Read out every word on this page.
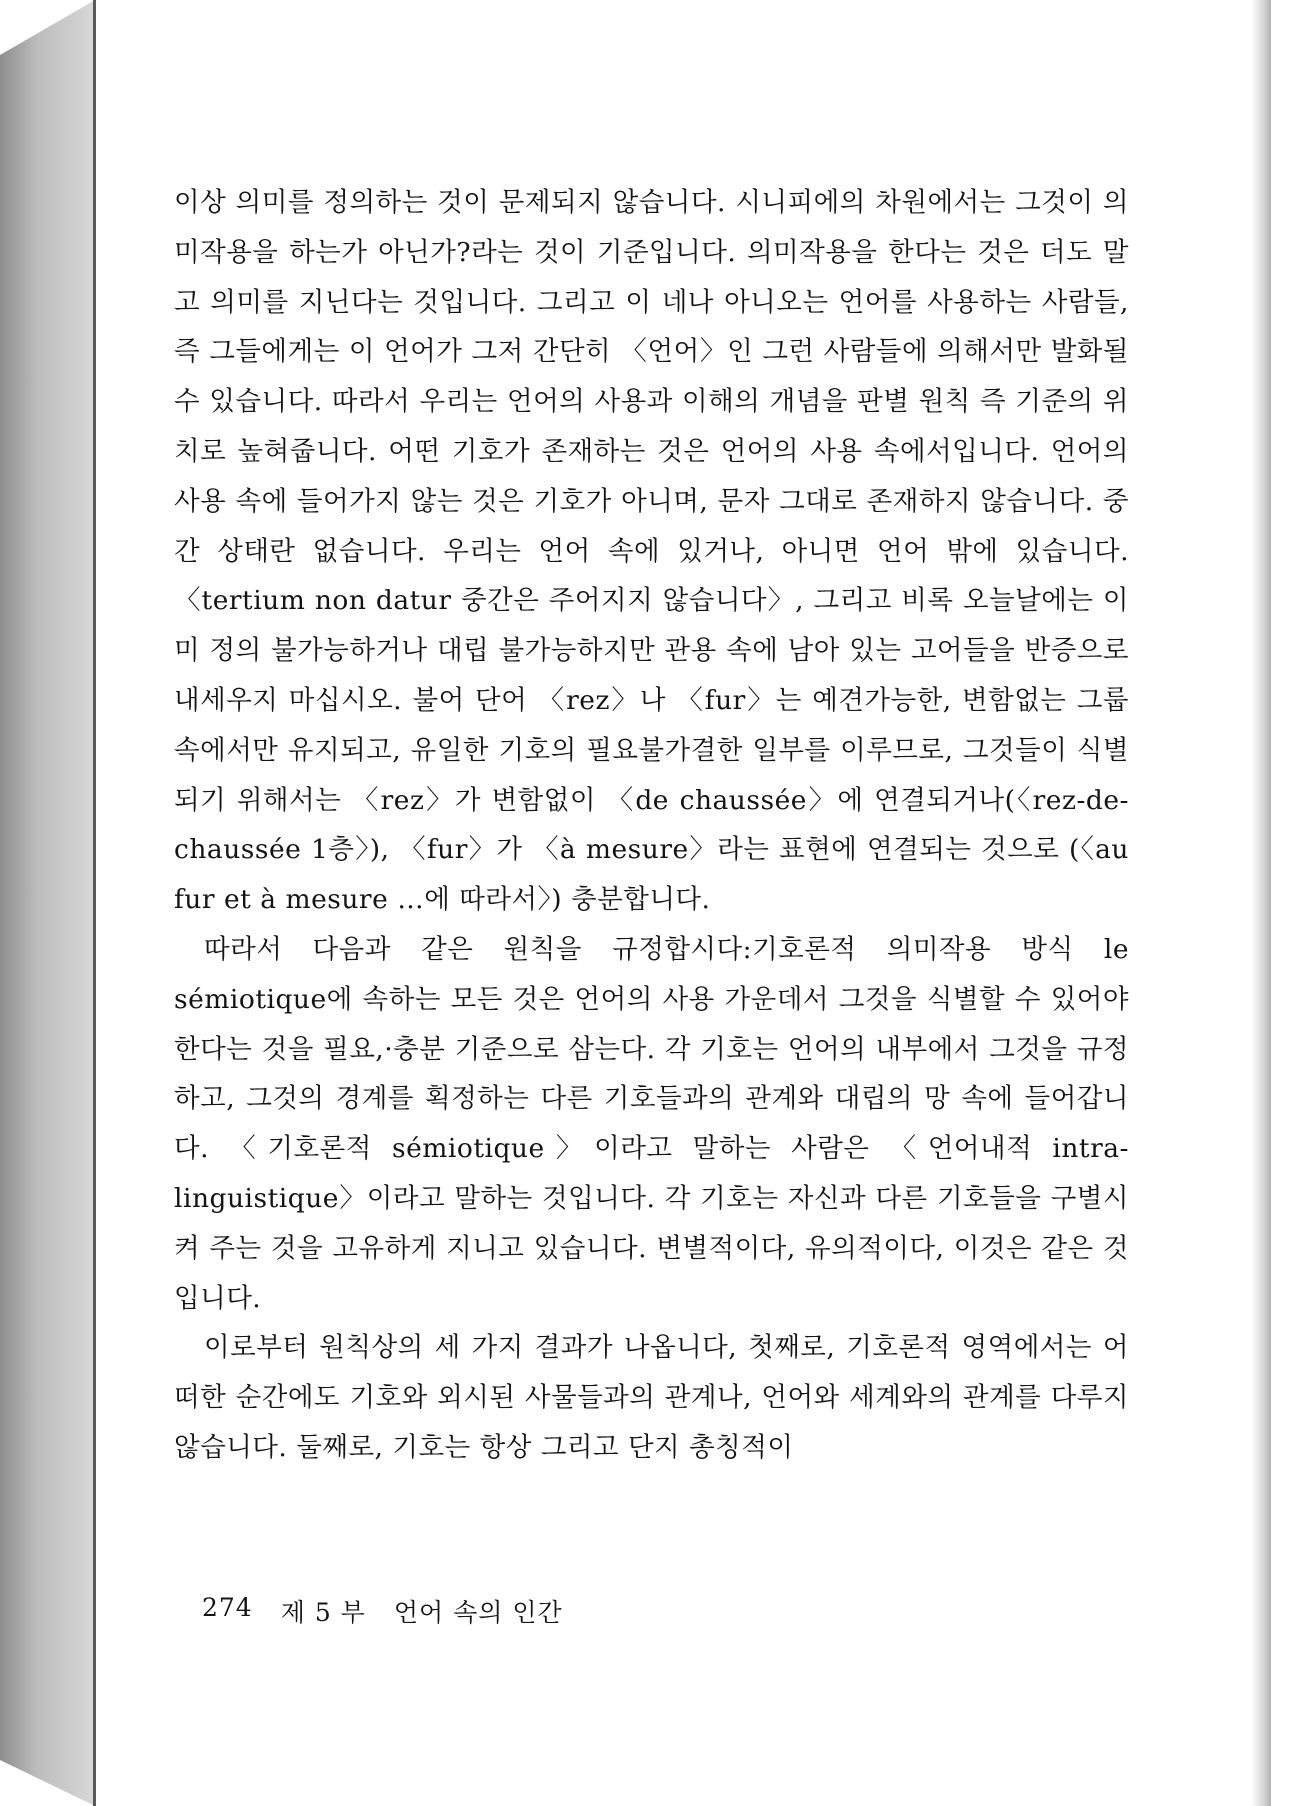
이상 의미를 정의하는 것이 문제되지 않습니다. 시니피에의 차원에서는 그것이 의미작용을 하는가 아닌가?라는 것이 기준입니다. 의미작용을 한다는 것은 더도 말고 의미를 지닌다는 것입니다. 그리고 이 네나 아니오는 언어를 사용하는 사람들, 즉 그들에게는 이 언어가 그저 간단히 〈언어〉인 그런 사람들에 의해서만 발화될 수 있습니다. 따라서 우리는 언어의 사용과 이해의 개념을 판별 원칙 즉 기준의 위치로 높혀줍니다. 어떤 기호가 존재하는 것은 언어의 사용 속에서입니다. 언어의 사용 속에 들어가지 않는 것은 기호가 아니며, 문자 그대로 존재하지 않습니다. 중간 상태란 없습니다. 우리는 언어 속에 있거나, 아니면 언어 밖에 있습니다. 〈tertium non datur 중간은 주어지지 않습니다〉, 그리고 비록 오늘날에는 이미 정의 불가능하거나 대립 불가능하지만 관용 속에 남아 있는 고어들을 반증으로 내세우지 마십시오. 불어 단어 〈rez〉나 〈fur〉는 예견가능한, 변함없는 그룹 속에서만 유지되고, 유일한 기호의 필요불가결한 일부를 이루므로, 그것들이 식별되기 위해서는 〈rez〉가 변함없이 〈de chaussée〉에 연결되거나(〈rez-de-chaussée 1층〉), 〈fur〉가 〈à mesure〉라는 표현에 연결되는 것으로 (〈au fur et à mesure …에 따라서〉) 충분합니다.

따라서 다음과 같은 원칙을 규정합시다:기호론적 의미작용 방식 le sémiotique에 속하는 모든 것은 언어의 사용 가운데서 그것을 식별할 수 있어야 한다는 것을 필요,·충분 기준으로 삼는다. 각 기호는 언어의 내부에서 그것을 규정하고, 그것의 경계를 획정하는 다른 기호들과의 관계와 대립의 망 속에 들어갑니다. 〈기호론적 sémiotique〉이라고 말하는 사람은 〈언어내적 intra-linguistique〉이라고 말하는 것입니다. 각 기호는 자신과 다른 기호들을 구별시켜 주는 것을 고유하게 지니고 있습니다. 변별적이다, 유의적이다, 이것은 같은 것입니다.

이로부터 원칙상의 세 가지 결과가 나옵니다, 첫째로, 기호론적 영역에서는 어떠한 순간에도 기호와 외시된 사물들과의 관계나, 언어와 세계와의 관계를 다루지 않습니다. 둘째로, 기호는 항상 그리고 단지 총칭적이

274 제 5 부 언어 속의 인간
